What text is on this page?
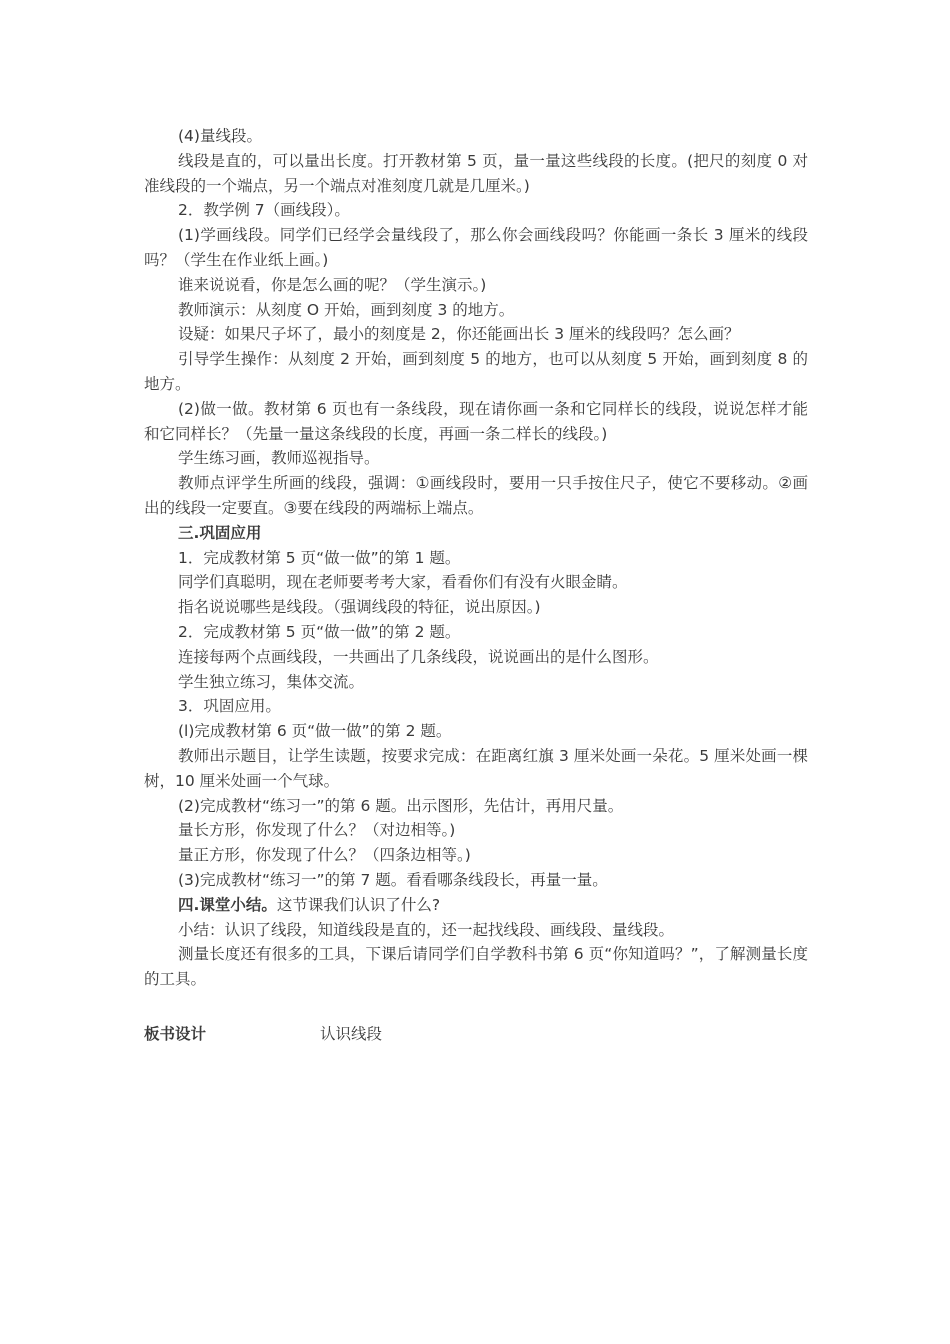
(4)量线段。

线段是直的，可以量出长度。打开教材第 5 页，量一量这些线段的长度。(把尺的刻度 0 对准线段的一个端点，另一个端点对准刻度几就是几厘米。)

2．教学例 7（画线段）。

(1)学画线段。同学们已经学会量线段了，那么你会画线段吗？你能画一条长 3 厘米的线段吗？（学生在作业纸上画。)

谁来说说看，你是怎么画的呢？（学生演示。)

教师演示：从刻度 O 开始，画到刻度 3 的地方。

设疑：如果尺子坏了，最小的刻度是 2，你还能画出长 3 厘米的线段吗？怎么画？

引导学生操作：从刻度 2 开始，画到刻度 5 的地方，也可以从刻度 5 开始，画到刻度 8 的地方。

(2)做一做。教材第 6 页也有一条线段，现在请你画一条和它同样长的线段，说说怎样才能和它同样长？（先量一量这条线段的长度，再画一条二样长的线段。)

学生练习画，教师巡视指导。

教师点评学生所画的线段，强调：①画线段时，要用一只手按住尺子，使它不要移动。②画出的线段一定要直。③要在线段的两端标上端点。

三.巩固应用

1．完成教材第 5 页“做一做”的第 1 题。

同学们真聪明，现在老师要考考大家，看看你们有没有火眼金睛。

指名说说哪些是线段。（强调线段的特征，说出原因。)

2．完成教材第 5 页“做一做”的第 2 题。

连接每两个点画线段，一共画出了几条线段，说说画出的是什么图形。

学生独立练习，集体交流。

3．巩固应用。

(l)完成教材第 6 页“做一做”的第 2 题。

教师出示题目，让学生读题，按要求完成：在距离红旗 3 厘米处画一朵花。5 厘米处画一棵树，10 厘米处画一个气球。

(2)完成教材“练习一”的第 6 题。出示图形，先估计，再用尺量。

量长方形，你发现了什么？（对边相等。)

量正方形，你发现了什么？（四条边相等。)

(3)完成教材“练习一”的第 7 题。看看哪条线段长，再量一量。

四.课堂小结。这节课我们认识了什么?

小结：认识了线段，知道线段是直的，还一起找线段、画线段、量线段。

测量长度还有很多的工具，下课后请同学们自学教科书第 6 页“你知道吗？”，了解测量长度的工具。

板书设计	认识线段
